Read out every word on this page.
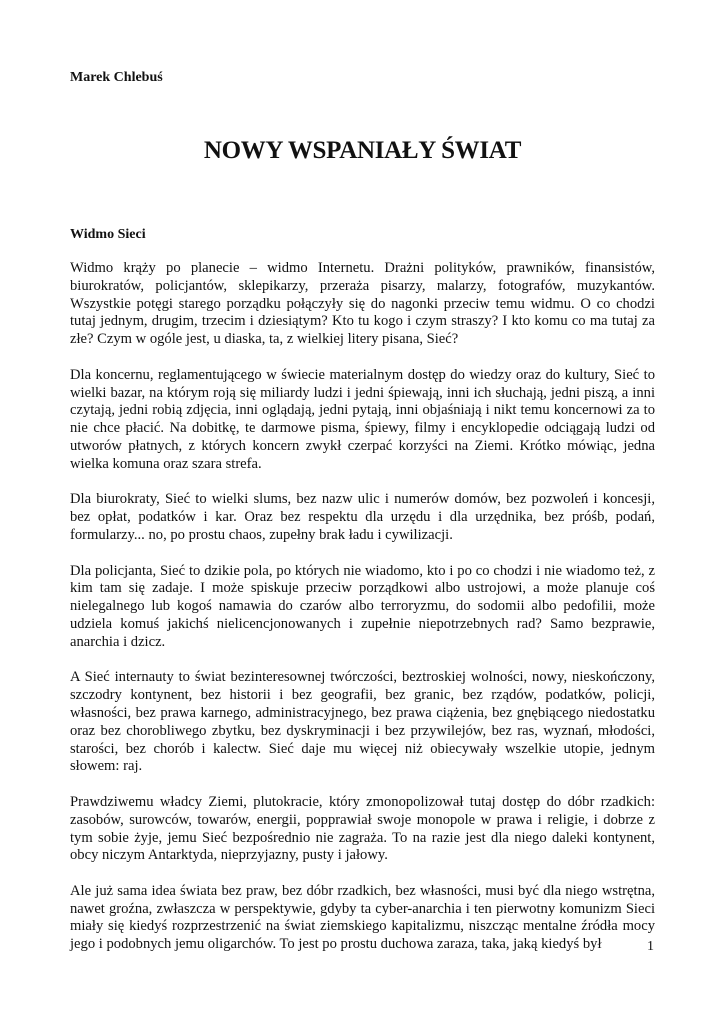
Marek Chlebuś
NOWY WSPANIAŁY ŚWIAT
Widmo Sieci

Widmo krąży po planecie – widmo Internetu. Drażni polityków, prawników, finansistów, biurokratów, policjantów, sklepikarzy, przeraża pisarzy, malarzy, fotografów, muzykantów. Wszystkie potęgi starego porządku połączyły się do nagonki przeciw temu widmu. O co chodzi tutaj jednym, drugim, trzecim i dziesiątym? Kto tu kogo i czym straszy? I kto komu co ma tutaj za złe? Czym w ogóle jest, u diaska, ta, z wielkiej litery pisana, Sieć?

Dla koncernu, reglamentującego w świecie materialnym dostęp do wiedzy oraz do kultury, Sieć to wielki bazar, na którym roją się miliardy ludzi i jedni śpiewają, inni ich słuchają, jedni piszą, a inni czytają, jedni robią zdjęcia, inni oglądają, jedni pytają, inni objaśniają i nikt temu koncernowi za to nie chce płacić. Na dobitkę, te darmowe pisma, śpiewy, filmy i encyklopedie odciągają ludzi od utworów płatnych, z których koncern zwykł czerpać korzyści na Ziemi. Krótko mówiąc, jedna wielka komuna oraz szara strefa.

Dla biurokraty, Sieć to wielki slums, bez nazw ulic i numerów domów, bez pozwoleń i koncesji, bez opłat, podatków i kar. Oraz bez respektu dla urzędu i dla urzędnika, bez próśb, podań, formularzy... no, po prostu chaos, zupełny brak ładu i cywilizacji.

Dla policjanta, Sieć to dzikie pola, po których nie wiadomo, kto i po co chodzi i nie wiadomo też, z kim tam się zadaje. I może spiskuje przeciw porządkowi albo ustrojowi, a może planuje coś nielegalnego lub kogoś namawia do czarów albo terroryzmu, do sodomii albo pedofilii, może udziela komuś jakichś nielicencjonowanych i zupełnie niepotrzebnych rad? Samo bezprawie, anarchia i dzicz.

A Sieć internauty to świat bezinteresownej twórczości, beztroskiej wolności, nowy, nieskończony, szczodry kontynent, bez historii i bez geografii, bez granic, bez rządów, podatków, policji, własności, bez prawa karnego, administracyjnego, bez prawa ciążenia, bez gnębiącego niedostatku oraz bez chorobliwego zbytku, bez dyskryminacji i bez przywilejów, bez ras, wyznań, młodości, starości, bez chorób i kalectw. Sieć daje mu więcej niż obiecywały wszelkie utopie, jednym słowem: raj.

Prawdziwemu władcy Ziemi, plutokracie, który zmonopolizował tutaj dostęp do dóbr rzadkich: zasobów, surowców, towarów, energii, popprawiał swoje monopole w prawa i religie, i dobrze z tym sobie żyje, jemu Sieć bezpośrednio nie zagraża. To na razie jest dla niego daleki kontynent, obcy niczym Antarktyda, nieprzyjazny, pusty i jałowy.

Ale już sama idea świata bez praw, bez dóbr rzadkich, bez własności, musi być dla niego wstrętna, nawet groźna, zwłaszcza w perspektywie, gdyby ta cyber-anarchia i ten pierwotny komunizm Sieci miały się kiedyś rozprzestrzenić na świat ziemskiego kapitalizmu, niszcząc mentalne źródła mocy jego i podobnych jemu oligarchów. To jest po prostu duchowa zaraza, taka, jaką kiedyś był	1
